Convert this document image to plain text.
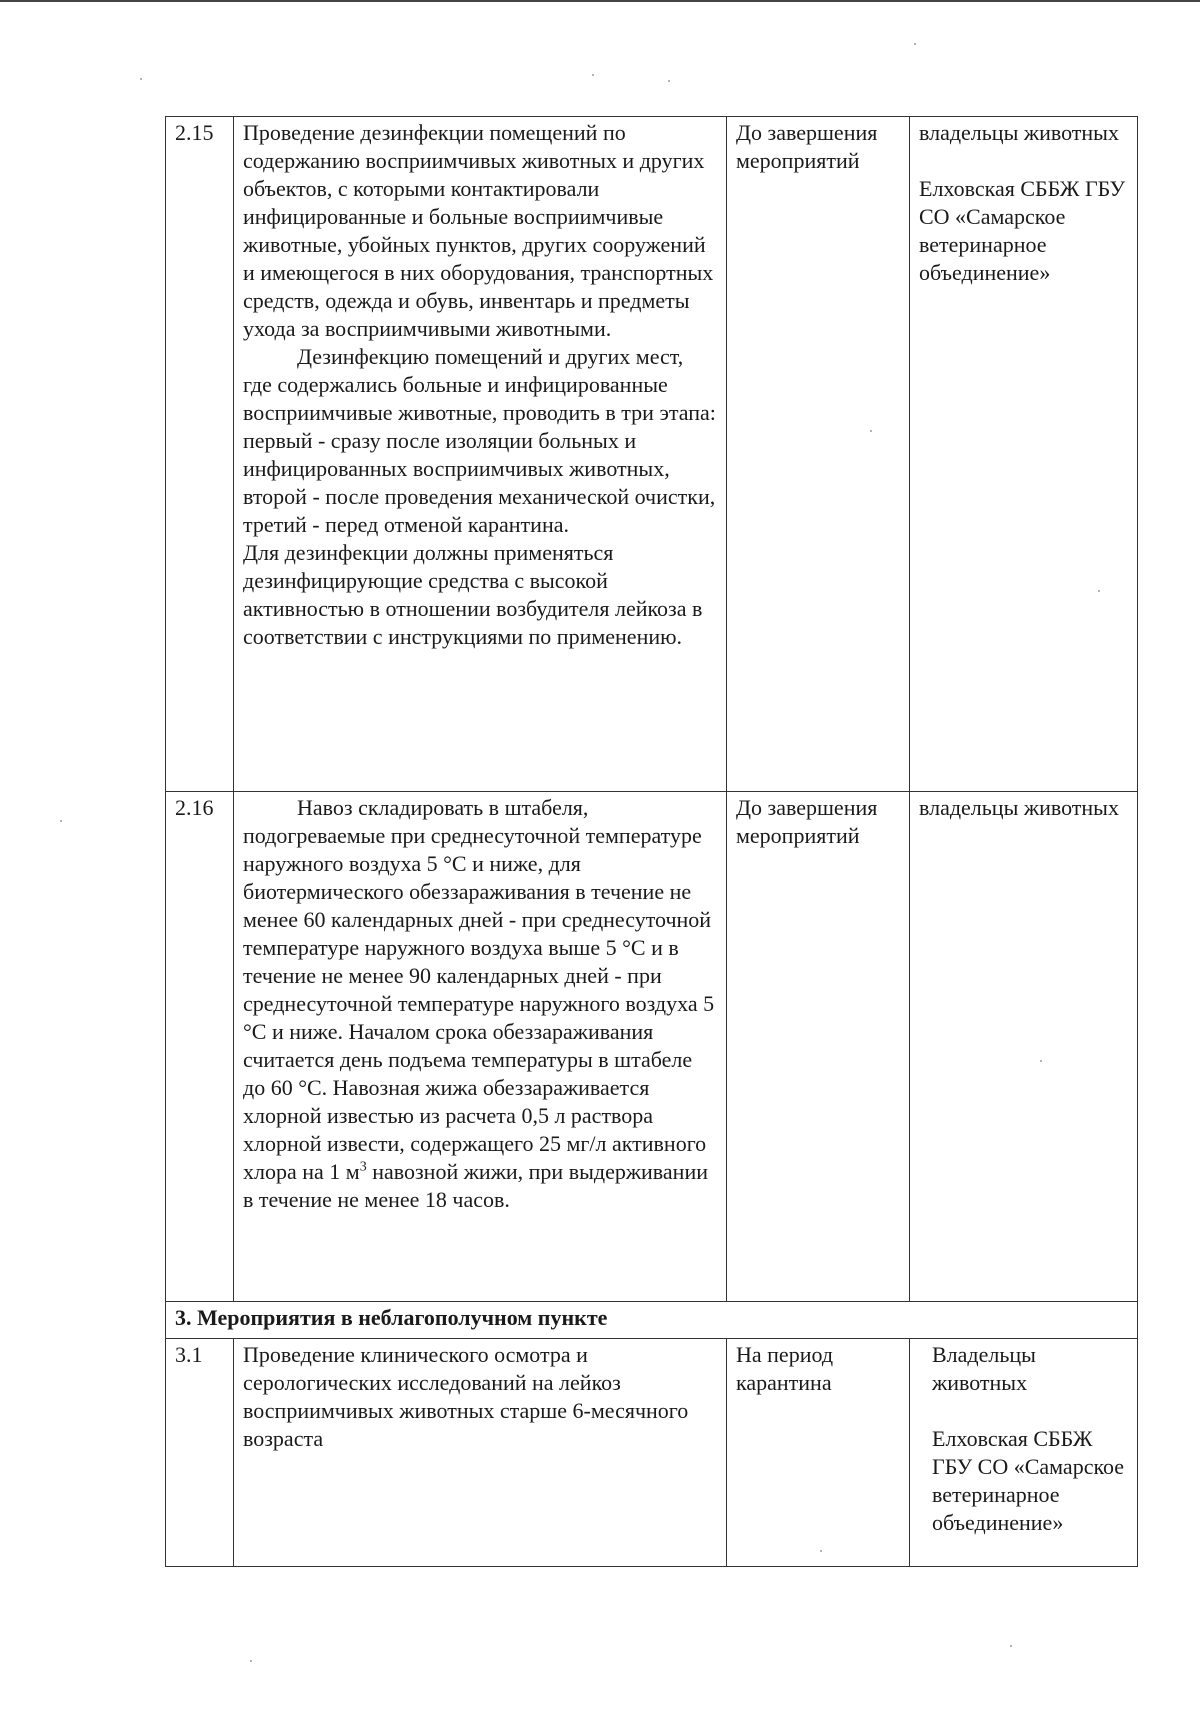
2.15	Проведение дезинфекции помещений по содержанию восприимчивых животных и других объектов, с которыми контактировали инфицированные и больные восприимчивые животные, убойных пунктов, других сооружений и имеющегося в них оборудования, транспортных средств, одежда и обувь, инвентарь и предметы ухода за восприимчивыми животными.
Дезинфекцию помещений и других мест, где содержались больные и инфицированные восприимчивые животные, проводить в три этапа: первый - сразу после изоляции больных и инфицированных восприимчивых животных, второй - после проведения механической очистки, третий - перед отменой карантина.
Для дезинфекции должны применяться дезинфицирующие средства с высокой активностью в отношении возбудителя лейкоза в соответствии с инструкциями по применению.	До завершения мероприятий	владельцы животных
Елховская СББЖ ГБУ СО «Самарское ветеринарное объединение»

2.16	Навоз складировать в штабеля, подогреваемые при среднесуточной температуре наружного воздуха 5 °С и ниже, для биотермического обеззараживания в течение не менее 60 календарных дней - при среднесуточной температуре наружного воздуха выше 5 °С и в течение не менее 90 календарных дней - при среднесуточной температуре наружного воздуха 5 °С и ниже. Началом срока обеззараживания считается день подъема температуры в штабеле до 60 °С. Навозная жижа обеззараживается хлорной известью из расчета 0,5 л раствора хлорной извести, содержащего 25 мг/л активного хлора на 1 $м^3$ навозной жижи, при выдерживании в течение не менее 18 часов.	До завершения мероприятий	владельцы животных

3. Мероприятия в неблагополучном пункте			
3.1	Проведение клинического осмотра и серологических исследований на лейкоз восприимчивых животных старше 6-месячного возраста	На период карантина	Владельцы животных
Елховская СББЖ ГБУ СО «Самарское ветеринарное объединение»
